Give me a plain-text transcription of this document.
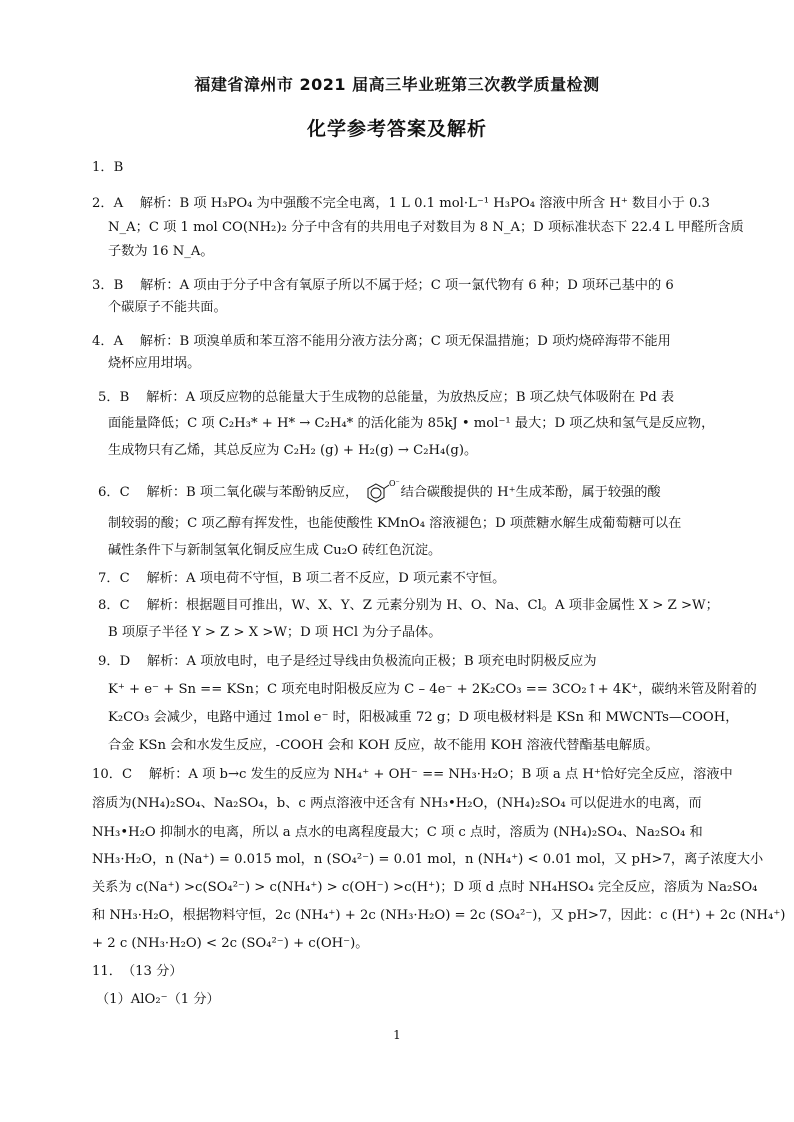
福建省漳州市 2021 届高三毕业班第三次教学质量检测
化学参考答案及解析
1．B
2．A 解析：B 项 H₃PO₄ 为中强酸不完全电离，1 L 0.1 mol·L⁻¹ H₃PO₄ 溶液中所含 H⁺ 数目小于 0.3
N_A；C 项 1 mol CO(NH₂)₂ 分子中含有的共用电子对数目为 8 N_A；D 项标准状态下 22.4 L 甲醛所含质
子数为 16 N_A。
3．B 解析：A 项由于分子中含有氧原子所以不属于烃；C 项一氯代物有 6 种；D 项环己基中的 6
个碳原子不能共面。
4．A 解析：B 项溴单质和苯互溶不能用分液方法分离；C 项无保温措施；D 项灼烧碎海带不能用
烧杯应用坩埚。
5．B 解析：A 项反应物的总能量大于生成物的总能量，为放热反应；B 项乙炔气体吸附在 Pd 表
面能量降低；C 项 C₂H₃* + H* → C₂H₄* 的活化能为 85kJ • mol⁻¹ 最大；D 项乙炔和氢气是反应物，
生成物只有乙烯，其总反应为 C₂H₂ (g) + H₂(g) → C₂H₄(g)。
6．C 解析：B 项二氧化碳与苯酚钠反应，
O⁻
结合碳酸提供的 H⁺生成苯酚，属于较强的酸
制较弱的酸；C 项乙醇有挥发性，也能使酸性 KMnO₄ 溶液褪色；D 项蔗糖水解生成葡萄糖可以在
碱性条件下与新制氢氧化铜反应生成 Cu₂O 砖红色沉淀。
7．C 解析：A 项电荷不守恒，B 项二者不反应，D 项元素不守恒。
8．C 解析：根据题目可推出，W、X、Y、Z 元素分别为 H、O、Na、Cl。A 项非金属性 X > Z >W；
B 项原子半径 Y > Z > X >W；D 项 HCl 为分子晶体。
9．D 解析：A 项放电时，电子是经过导线由负极流向正极；B 项充电时阴极反应为
K⁺ + e⁻ + Sn == KSn；C 项充电时阳极反应为 C – 4e⁻ + 2K₂CO₃ == 3CO₂↑+ 4K⁺，碳纳米管及附着的
K₂CO₃ 会减少，电路中通过 1mol e⁻ 时，阳极减重 72 g；D 项电极材料是 KSn 和 MWCNTs—COOH，
合金 KSn 会和水发生反应，-COOH 会和 KOH 反应，故不能用 KOH 溶液代替酯基电解质。
10．C 解析：A 项 b→c 发生的反应为 NH₄⁺ + OH⁻ == NH₃·H₂O；B 项 a 点 H⁺恰好完全反应，溶液中
溶质为(NH₄)₂SO₄、Na₂SO₄，b、c 两点溶液中还含有 NH₃•H₂O，(NH₄)₂SO₄ 可以促进水的电离，而
NH₃•H₂O 抑制水的电离，所以 a 点水的电离程度最大；C 项 c 点时，溶质为 (NH₄)₂SO₄、Na₂SO₄ 和
NH₃·H₂O，n (Na⁺) = 0.015 mol，n (SO₄²⁻) = 0.01 mol，n (NH₄⁺) < 0.01 mol，又 pH>7，离子浓度大小
关系为 c(Na⁺) >c(SO₄²⁻) > c(NH₄⁺) > c(OH⁻) >c(H⁺)；D 项 d 点时 NH₄HSO₄ 完全反应，溶质为 Na₂SO₄
和 NH₃·H₂O，根据物料守恒，2c (NH₄⁺) + 2c (NH₃·H₂O) = 2c (SO₄²⁻)，又 pH>7，因此：c (H⁺) + 2c (NH₄⁺)
+ 2 c (NH₃·H₂O) < 2c (SO₄²⁻) + c(OH⁻)。
11．（13 分）
（1）AlO₂⁻（1 分）
1
